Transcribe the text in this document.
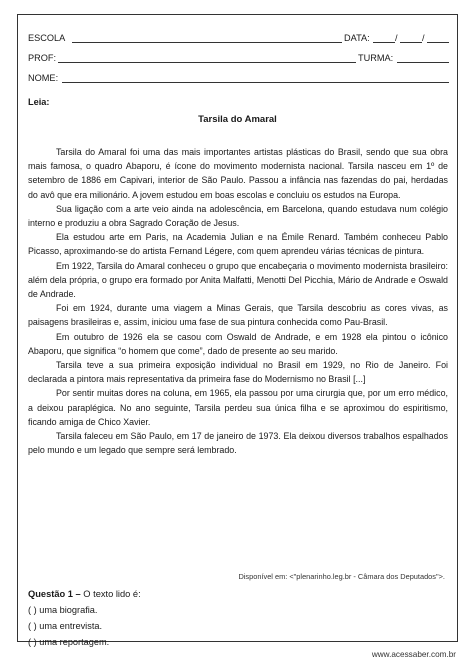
ESCOLA	DATA:	/	/
PROF:	TURMA:
NOME:
Leia:
Tarsila do Amaral

Tarsila do Amaral foi uma das mais importantes artistas plásticas do Brasil, sendo que sua obra mais famosa, o quadro Abaporu, é ícone do movimento modernista nacional. Tarsila nasceu em 1º de setembro de 1886 em Capivari, interior de São Paulo. Passou a infância nas fazendas do pai, herdadas do avô que era milionário. A jovem estudou em boas escolas e concluiu os estudos na Europa.

Sua ligação com a arte veio ainda na adolescência, em Barcelona, quando estudava num colégio interno e produziu a obra Sagrado Coração de Jesus.

Ela estudou arte em Paris, na Academia Julian e na Émile Renard. Também conheceu Pablo Picasso, aproximando-se do artista Fernand Légere, com quem aprendeu várias técnicas de pintura.

Em 1922, Tarsila do Amaral conheceu o grupo que encabeçaria o movimento modernista brasileiro: além dela própria, o grupo era formado por Anita Malfatti, Menotti Del Picchia, Mário de Andrade e Oswald de Andrade.

Foi em 1924, durante uma viagem a Minas Gerais, que Tarsila descobriu as cores vivas, as paisagens brasileiras e, assim, iniciou uma fase de sua pintura conhecida como Pau-Brasil.

Em outubro de 1926 ela se casou com Oswald de Andrade, e em 1928 ela pintou o icônico Abaporu, que significa “o homem que come”, dado de presente ao seu marido.

Tarsila teve a sua primeira exposição individual no Brasil em 1929, no Rio de Janeiro. Foi declarada a pintora mais representativa da primeira fase do Modernismo no Brasil [...]

Por sentir muitas dores na coluna, em 1965, ela passou por uma cirurgia que, por um erro médico, a deixou paraplégica. No ano seguinte, Tarsila perdeu sua única filha e se aproximou do espiritismo, ficando amiga de Chico Xavier.

Tarsila faleceu em São Paulo, em 17 de janeiro de 1973. Ela deixou diversos trabalhos espalhados pelo mundo e um legado que sempre será lembrado.

Disponível em: <"plenarinho.leg.br - Câmara dos Deputados">.
Questão 1 – O texto lido é:
( ) uma biografia.
( ) uma entrevista.
( ) uma reportagem.
www.acessaber.com.br
